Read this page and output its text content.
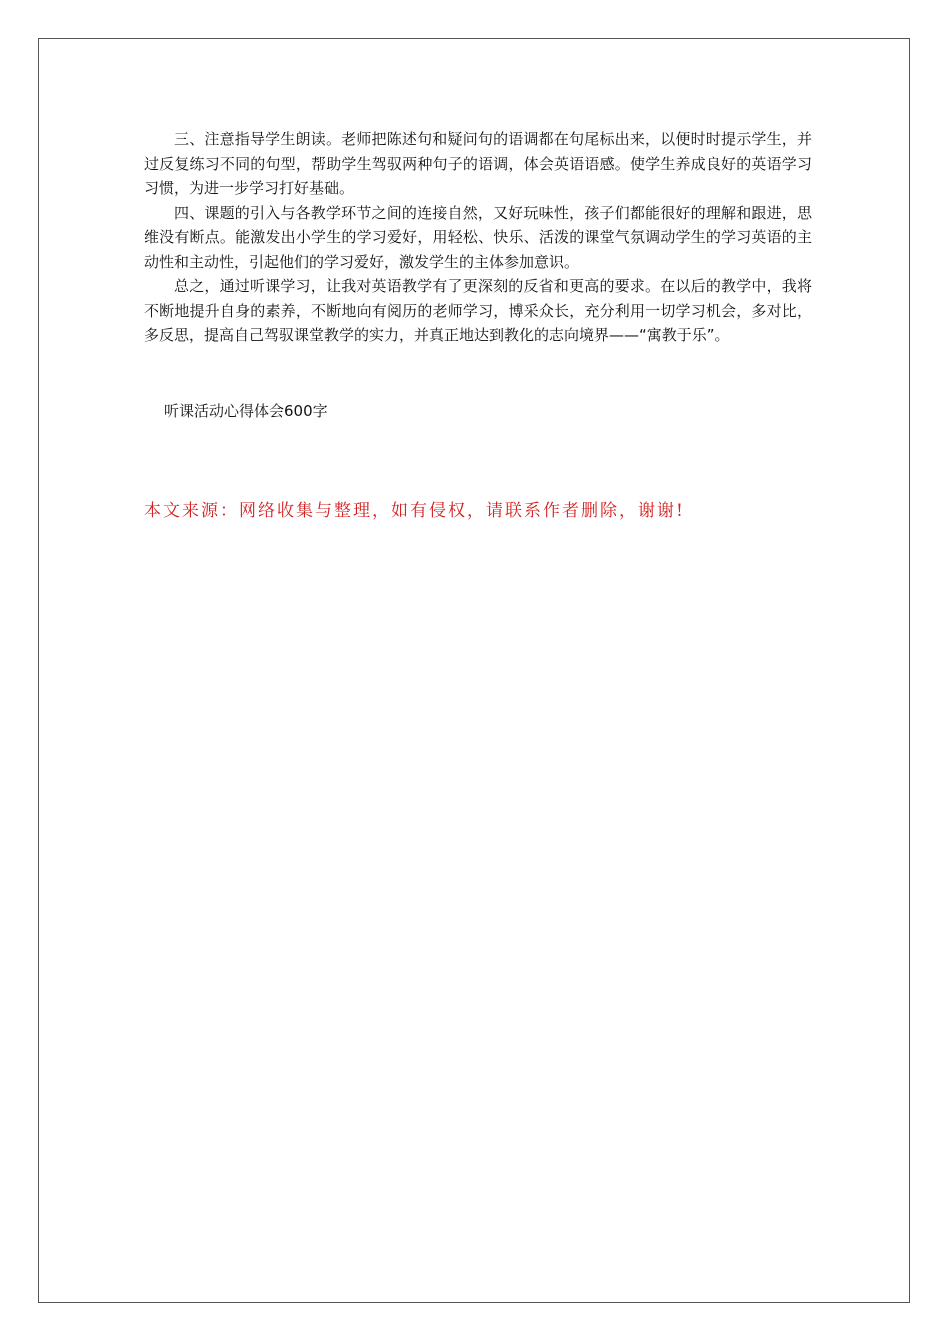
三、注意指导学生朗读。老师把陈述句和疑问句的语调都在句尾标出来，以便时时提示学生，并过反复练习不同的句型，帮助学生驾驭两种句子的语调，体会英语语感。使学生养成良好的英语学习习惯，为进一步学习打好基础。

四、课题的引入与各教学环节之间的连接自然，又好玩味性，孩子们都能很好的理解和跟进，思维没有断点。能激发出小学生的学习爱好，用轻松、快乐、活泼的课堂气氛调动学生的学习英语的主动性和主动性，引起他们的学习爱好，激发学生的主体参加意识。

总之，通过听课学习，让我对英语教学有了更深刻的反省和更高的要求。在以后的教学中，我将不断地提升自身的素养，不断地向有阅历的老师学习，博采众长，充分利用一切学习机会，多对比，多反思，提高自己驾驭课堂教学的实力，并真正地达到教化的志向境界——“寓教于乐”。

听课活动心得体会600字

本文来源：网络收集与整理，如有侵权，请联系作者删除，谢谢!
